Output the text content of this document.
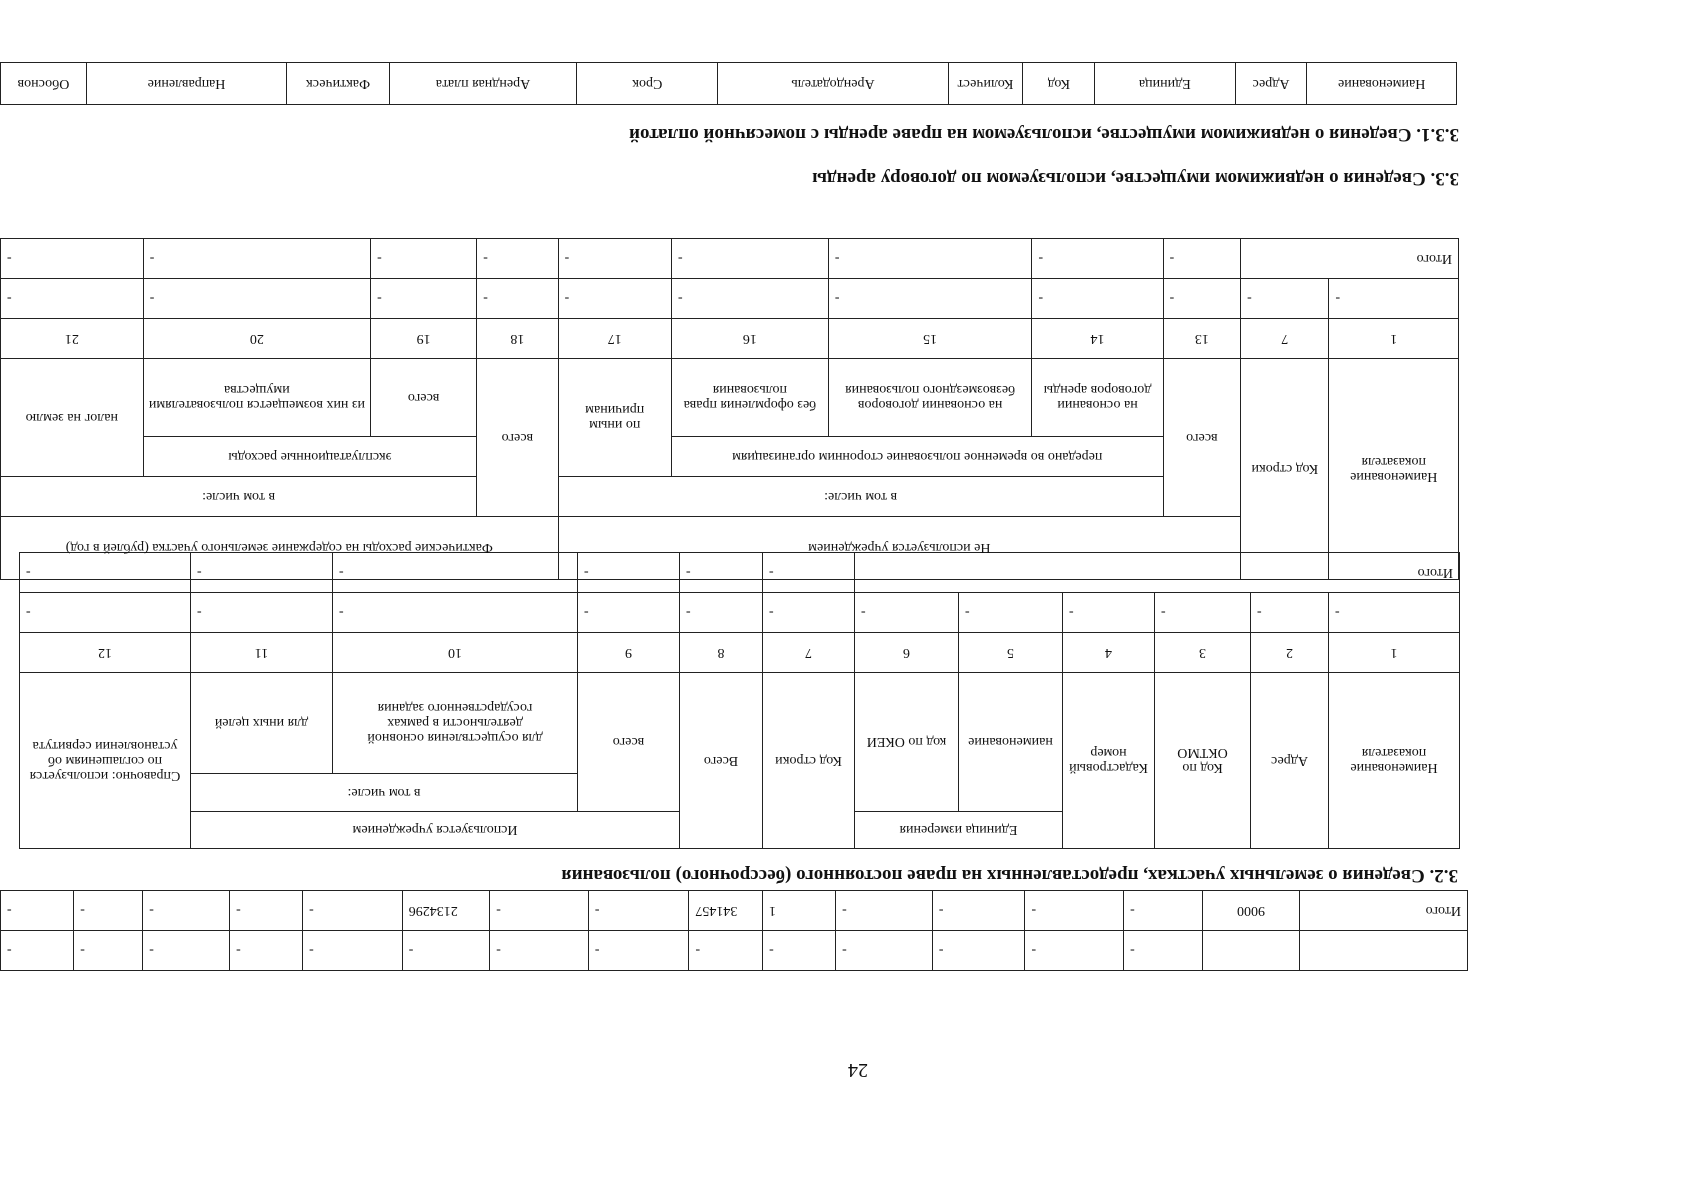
24
		-	-	-	-	-	-	-	-	-	-	-	-	-	-
Итого	9000	-	-	-	-	1	341457	-	-	2134296	-	-	-	-	-
3.2. Сведения о земельных участках, предоставленных на праве постоянного (бессрочного) пользования
Наименование показателя	Адрес	Код по ОКТМО	Кадастровый номер	Единица измерения		Код строки	Всего	Используется учреждением			Справочно: используется по соглашениям об установлении сервитута
				наименование	код по ОКЕИ			всего	в том числе:		
									для осуществления основной деятельности в рамках государственного задания	для иных целей	
1	2	3	4	5	6	7	8	9	10	11	12
-	-	-	-	-	-	-	-	-	-	-	-
Итого						-	-	-	-	-	-
Наименование показателя	Код строки	Не используется учреждением					Фактические расходы на содержание земельного участка (рублей в год)			
		всего	в том числе:				всего	в том числе:		
			передано во временное пользование сторонним организациям			по иным причинам		эксплуатационные расходы		налог на землю
			на основании договоров аренды	на основании договоров безвозмездного пользования	без оформления права пользования			всего	из них возмещается пользователями имущества	
1	7	13	14	15	16	17	18	19	20	21
-	-	-	-	-	-	-	-	-	-	-
Итого		-	-	-	-	-	-	-	-	-
3.3. Сведения о недвижимом имуществе, используемом по договору аренды
3.3.1. Сведения о недвижимом имуществе, используемом на праве аренды с помесячной оплатой
Наименование	Адрес	Единица	Код	Количест	Арендодатель	Срок	Арендная плата	Фактическ	Направление	Обоснов
